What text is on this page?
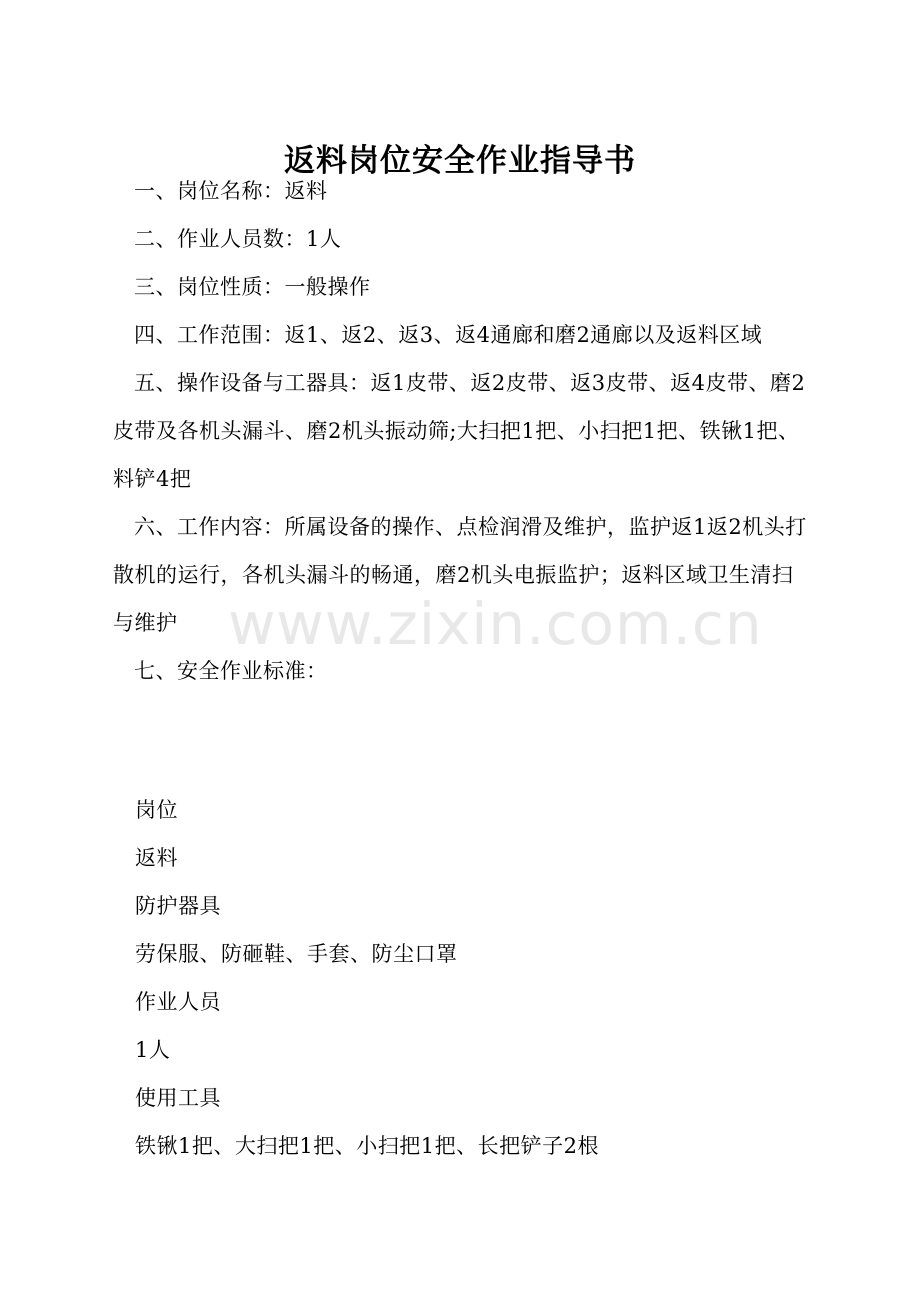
www.zixin.com.cn
返料岗位安全作业指导书

一、岗位名称：返料

二、作业人员数：1人

三、岗位性质：一般操作

四、工作范围：返1、返2、返3、返4通廊和磨2通廊以及返料区域

五、操作设备与工器具：返1皮带、返2皮带、返3皮带、返4皮带、磨2皮带及各机头漏斗、磨2机头振动筛;大扫把1把、小扫把1把、铁锹1把、料铲4把

六、工作内容：所属设备的操作、点检润滑及维护，监护返1返2机头打散机的运行，各机头漏斗的畅通，磨2机头电振监护；返料区域卫生清扫与维护

七、安全作业标准：

岗位

返料

防护器具

劳保服、防砸鞋、手套、防尘口罩

作业人员

1人

使用工具

铁锹1把、大扫把1把、小扫把1把、长把铲子2根
